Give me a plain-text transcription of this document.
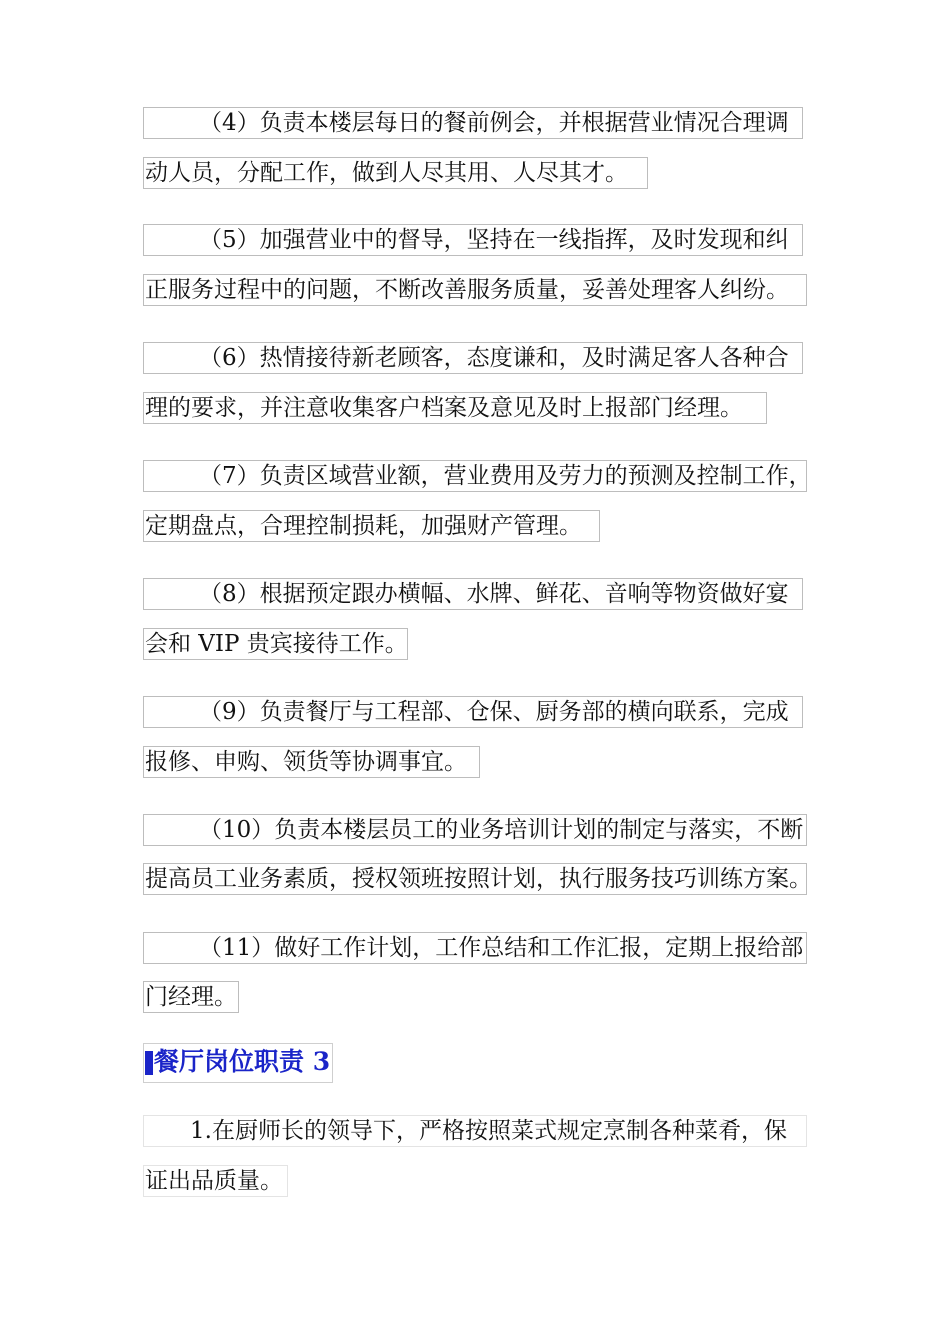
（4）负责本楼层每日的餐前例会，并根据营业情况合理调
动人员，分配工作，做到人尽其用、人尽其才。
（5）加强营业中的督导，坚持在一线指挥，及时发现和纠
正服务过程中的问题，不断改善服务质量，妥善处理客人纠纷。
（6）热情接待新老顾客，态度谦和，及时满足客人各种合
理的要求，并注意收集客户档案及意见及时上报部门经理。
（7）负责区域营业额，营业费用及劳力的预测及控制工作，
定期盘点，合理控制损耗，加强财产管理。
（8）根据预定跟办横幅、水牌、鲜花、音响等物资做好宴
会和 VIP 贵宾接待工作。
（9）负责餐厅与工程部、仓保、厨务部的横向联系，完成
报修、申购、领货等协调事宜。
（10）负责本楼层员工的业务培训计划的制定与落实，不断
提高员工业务素质，授权领班按照计划，执行服务技巧训练方案。
（11）做好工作计划，工作总结和工作汇报，定期上报给部
门经理。
餐厅岗位职责 3
1.在厨师长的领导下，严格按照菜式规定烹制各种菜肴，保
证出品质量。
